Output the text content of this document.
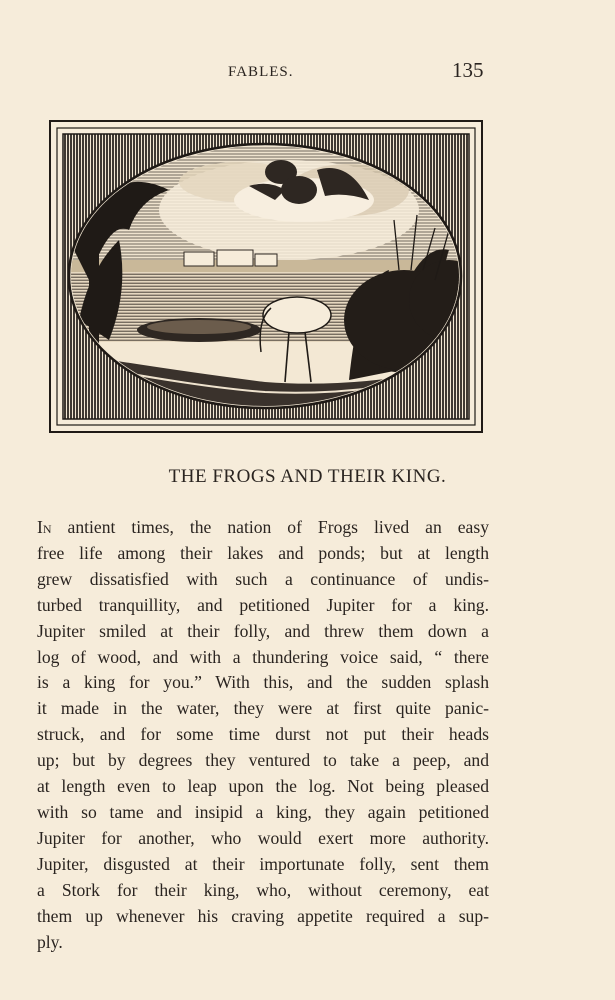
FABLES.	135
THE FROGS AND THEIR KING.
In antient times, the nation of Frogs lived an easy
free life among their lakes and ponds; but at length
grew dissatisfied with such a continuance of undis-
turbed tranquillity, and petitioned Jupiter for a king.
Jupiter smiled at their folly, and threw them down a
log of wood, and with a thundering voice said, “ there
is a king for you.” With this, and the sudden splash
it made in the water, they were at first quite panic-
struck, and for some time durst not put their heads
up; but by degrees they ventured to take a peep, and
at length even to leap upon the log. Not being pleased
with so tame and insipid a king, they again petitioned
Jupiter for another, who would exert more authority.
Jupiter, disgusted at their importunate folly, sent them
a Stork for their king, who, without ceremony, eat
them up whenever his craving appetite required a sup-
ply.
